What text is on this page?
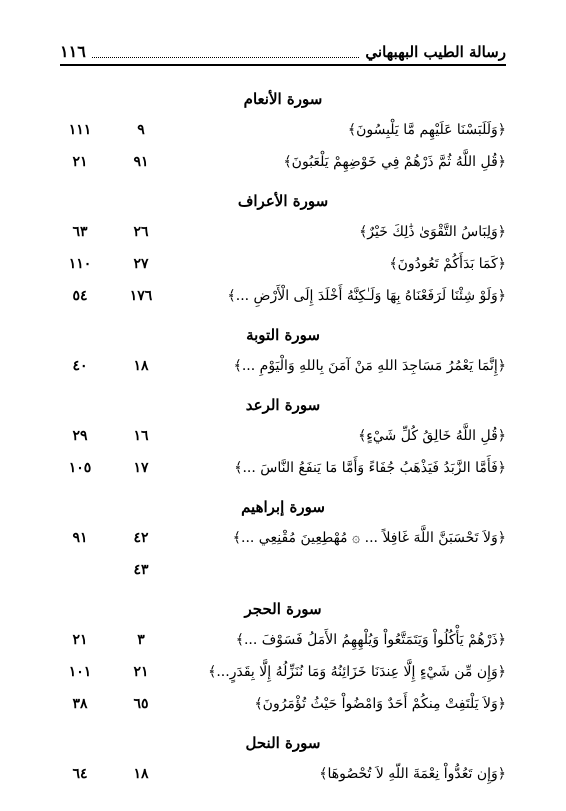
رسالة الطيب البهبهاني
١١٦
سورة الأنعام
﴿وَلَلَبَسْنَا عَلَيْهِم مَّا يَلْبِسُونَ﴾
٩
١١١
﴿قُلِ اللَّهُ ثُمَّ ذَرْهُمْ فِي خَوْضِهِمْ يَلْعَبُونَ﴾
٩١
٢١
سورة الأعراف
﴿وَلِبَاسُ التَّقْوَىٰ ذَٰلِكَ خَيْرٌ﴾
٢٦
٦٣
﴿كَمَا بَدَأَكُمْ تَعُودُونَ﴾
٢٧
١١٠
﴿وَلَوْ شِئْنَا لَرَفَعْنَاهُ بِهَا وَلَـٰكِنَّهُ أَخْلَدَ إِلَى الْأَرْضِ ...﴾
١٧٦
٥٤
سورة التوبة
﴿إِنَّمَا يَعْمُرُ مَسَاجِدَ اللهِ مَنْ آمَنَ بِاللهِ وَالْيَوْمِ ...﴾
١٨
٤٠
سورة الرعد
﴿قُلِ اللَّهُ خَالِقُ كُلِّ شَيْءٍ﴾
١٦
٢٩
﴿فَأَمَّا الزَّبَدُ فَيَذْهَبُ جُفَاءً وَأَمَّا مَا يَنفَعُ النَّاسَ ...﴾
١٧
١٠٥
سورة إبراهيم
﴿وَلاَ تَحْسَبَنَّ اللَّهَ غَافِلاً ... ۞ مُهْطِعِينَ مُقْنِعِي ...﴾
٤٢
٩١
٤٣
سورة الحجر
﴿ذَرْهُمْ يَأْكُلُواْ وَيَتَمَتَّعُواْ وَيُلْهِهِمُ الأَمَلُ فَسَوْفَ ...﴾
٣
٢١
﴿وَإِن مِّن شَيْءٍ إِلَّا عِندَنَا خَزَائِنُهُ وَمَا نُنَزِّلُهُ إِلَّا بِقَدَرٍ...﴾
٢١
١٠١
﴿وَلاَ يَلْتَفِتْ مِنكُمْ أَحَدٌ وَامْضُواْ حَيْثُ تُؤْمَرُونَ﴾
٦٥
٣٨
سورة النحل
﴿وَإِن تَعُدُّواْ نِعْمَةَ اللّهِ لاَ تُحْصُوهَا﴾
١٨
٦٤
